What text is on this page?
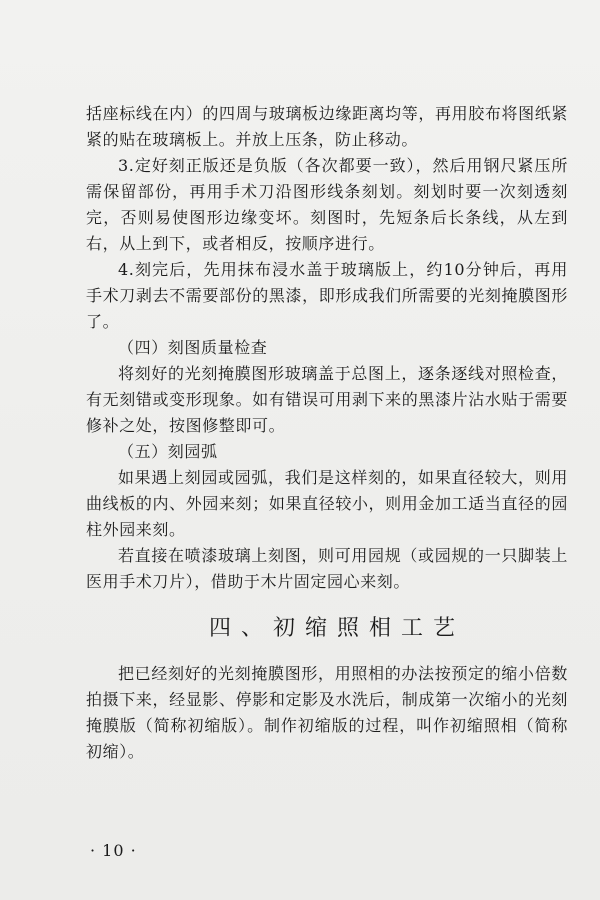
括座标线在内）的四周与玻璃板边缘距离均等，再用胶布将图纸紧紧的贴在玻璃板上。并放上压条，防止移动。

3.定好刻正版还是负版（各次都要一致），然后用钢尺紧压所需保留部份，再用手术刀沿图形线条刻划。刻划时要一次刻透刻完，否则易使图形边缘变坏。刻图时，先短条后长条线，从左到右，从上到下，或者相反，按顺序进行。

4.刻完后，先用抹布浸水盖于玻璃版上，约10分钟后，再用手术刀剥去不需要部份的黑漆，即形成我们所需要的光刻掩膜图形了。

（四）刻图质量检查

将刻好的光刻掩膜图形玻璃盖于总图上，逐条逐线对照检查，有无刻错或变形现象。如有错误可用剥下来的黑漆片沾水贴于需要修补之处，按图修整即可。

（五）刻园弧

如果遇上刻园或园弧，我们是这样刻的，如果直径较大，则用曲线板的内、外园来刻；如果直径较小，则用金加工适当直径的园柱外园来刻。

若直接在喷漆玻璃上刻图，则可用园规（或园规的一只脚装上医用手术刀片），借助于木片固定园心来刻。

四、初缩照相工艺

把已经刻好的光刻掩膜图形，用照相的办法按预定的缩小倍数拍摄下来，经显影、停影和定影及水洗后，制成第一次缩小的光刻掩膜版（简称初缩版）。制作初缩版的过程，叫作初缩照相（简称初缩）。

· 10 ·
